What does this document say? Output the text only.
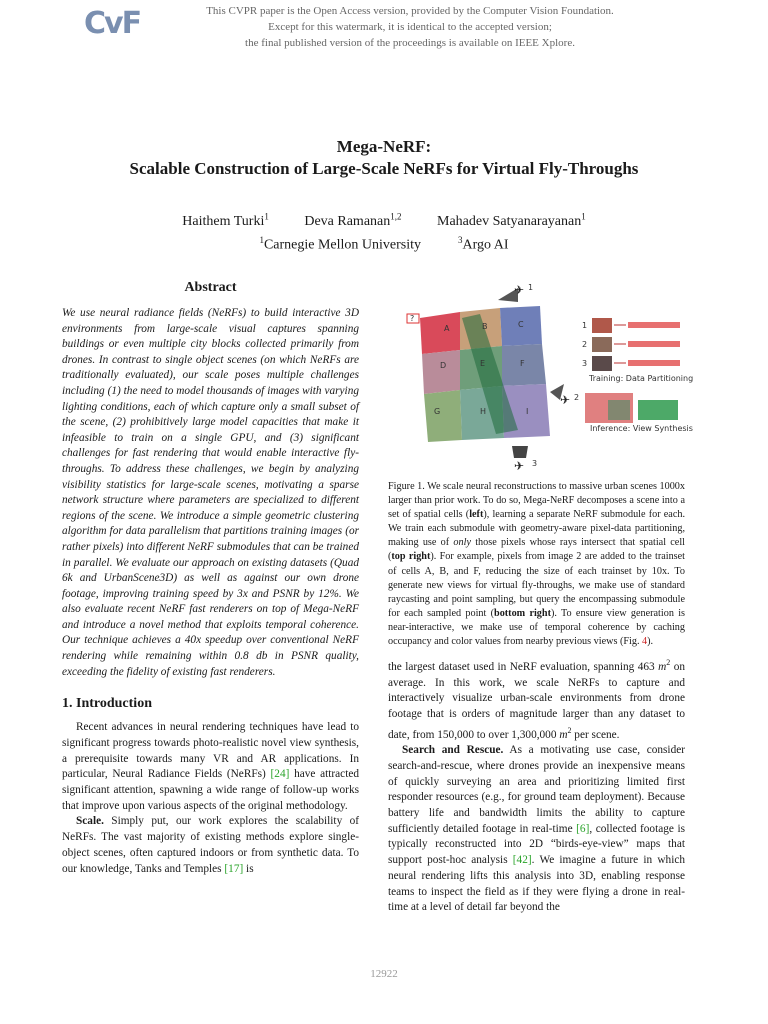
CvF	This CVPR paper is the Open Access version, provided by the Computer Vision Foundation.
Except for this watermark, it is identical to the accepted version;
the final published version of the proceedings is available on IEEE Xplore.
Mega-NeRF:
Scalable Construction of Large-Scale NeRFs for Virtual Fly-Throughs
Haithem Turki$^1$	Deva Ramanan$^{1,2}$	Mahadev Satyanarayanan$^1$
$^1$Carnegie Mellon University	$^3$Argo AI
Abstract
We use neural radiance fields (NeRFs) to build interactive 3D environments from large-scale visual captures spanning buildings or even multiple city blocks collected primarily from drones. In contrast to single object scenes (on which NeRFs are traditionally evaluated), our scale poses multiple challenges including (1) the need to model thousands of images with varying lighting conditions, each of which capture only a small subset of the scene, (2) prohibitively large model capacities that make it infeasible to train on a single GPU, and (3) significant challenges for fast rendering that would enable interactive fly-throughs. To address these challenges, we begin by analyzing visibility statistics for large-scale scenes, motivating a sparse network structure where parameters are specialized to different regions of the scene. We introduce a simple geometric clustering algorithm for data parallelism that partitions training images (or rather pixels) into different NeRF submodules that can be trained in parallel. We evaluate our approach on existing datasets (Quad 6k and UrbanScene3D) as well as against our own drone footage, improving training speed by 3x and PSNR by 12%. We also evaluate recent NeRF fast renderers on top of Mega-NeRF and introduce a novel method that exploits temporal coherence. Our technique achieves a 40x speedup over conventional NeRF rendering while remaining within 0.8 db in PSNR quality, exceeding the fidelity of existing fast renderers.
1. Introduction

Recent advances in neural rendering techniques have lead to significant progress towards photo-realistic novel view synthesis, a prerequisite towards many VR and AR applications. In particular, Neural Radiance Fields (NeRFs) [24] have attracted significant attention, spawning a wide range of follow-up works that improve upon various aspects of the original methodology.

Scale. Simply put, our work explores the scalability of NeRFs. The vast majority of existing methods explore single-object scenes, often captured indoors or from synthetic data. To our knowledge, Tanks and Temples [17] is

A	B	C
D	E	F
G	H	I
?
✈ 1
✈ 2
✈ 3
1
2
3
Training: Data Partitioning
Inference: View Synthesis

Figure 1. We scale neural reconstructions to massive urban scenes 1000x larger than prior work. To do so, Mega-NeRF decomposes a scene into a set of spatial cells (left), learning a separate NeRF submodule for each. We train each submodule with geometry-aware pixel-data partitioning, making use of only those pixels whose rays intersect that spatial cell (top right). For example, pixels from image 2 are added to the trainset of cells A, B, and F, reducing the size of each trainset by 10x. To generate new views for virtual fly-throughs, we make use of standard raycasting and point sampling, but query the encompassing submodule for each sampled point (bottom right). To ensure view generation is near-interactive, we make use of temporal coherence by caching occupancy and color values from nearby previous views (Fig. 4).

the largest dataset used in NeRF evaluation, spanning 463 $m^2$ on average. In this work, we scale NeRFs to capture and interactively visualize urban-scale environments from drone footage that is orders of magnitude larger than any dataset to date, from 150,000 to over 1,300,000 $m^2$ per scene.

Search and Rescue. As a motivating use case, consider search-and-rescue, where drones provide an inexpensive means of quickly surveying an area and prioritizing limited first responder resources (e.g., for ground team deployment). Because battery life and bandwidth limits the ability to capture sufficiently detailed footage in real-time [6], collected footage is typically reconstructed into 2D “birds-eye-view” maps that support post-hoc analysis [42]. We imagine a future in which neural rendering lifts this analysis into 3D, enabling response teams to inspect the field as if they were flying a drone in real-time at a level of detail far beyond the

12922
